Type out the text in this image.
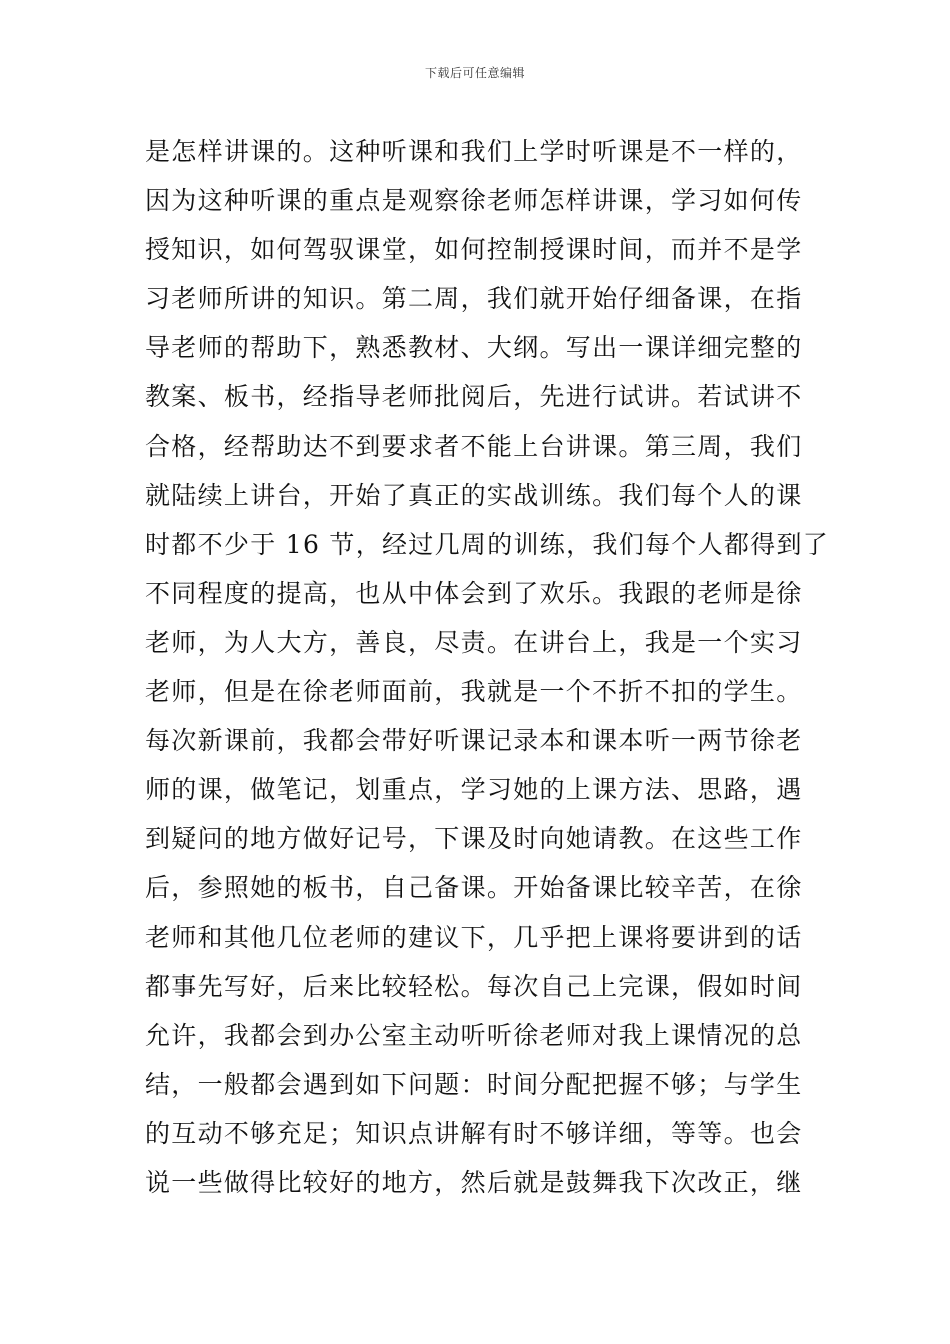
下载后可任意编辑
是怎样讲课的。这种听课和我们上学时听课是不一样的，
因为这种听课的重点是观察徐老师怎样讲课，学习如何传
授知识，如何驾驭课堂，如何控制授课时间，而并不是学
习老师所讲的知识。第二周，我们就开始仔细备课，在指
导老师的帮助下，熟悉教材、大纲。写出一课详细完整的
教案、板书，经指导老师批阅后，先进行试讲。若试讲不
合格，经帮助达不到要求者不能上台讲课。第三周，我们
就陆续上讲台，开始了真正的实战训练。我们每个人的课
时都不少于 16 节，经过几周的训练，我们每个人都得到了
不同程度的提高，也从中体会到了欢乐。我跟的老师是徐
老师，为人大方，善良，尽责。在讲台上，我是一个实习
老师，但是在徐老师面前，我就是一个不折不扣的学生。
每次新课前，我都会带好听课记录本和课本听一两节徐老
师的课，做笔记，划重点，学习她的上课方法、思路，遇
到疑问的地方做好记号，下课及时向她请教。在这些工作
后，参照她的板书，自己备课。开始备课比较辛苦，在徐
老师和其他几位老师的建议下，几乎把上课将要讲到的话
都事先写好，后来比较轻松。每次自己上完课，假如时间
允许，我都会到办公室主动听听徐老师对我上课情况的总
结，一般都会遇到如下问题：时间分配把握不够；与学生
的互动不够充足；知识点讲解有时不够详细，等等。也会
说一些做得比较好的地方，然后就是鼓舞我下次改正，继
